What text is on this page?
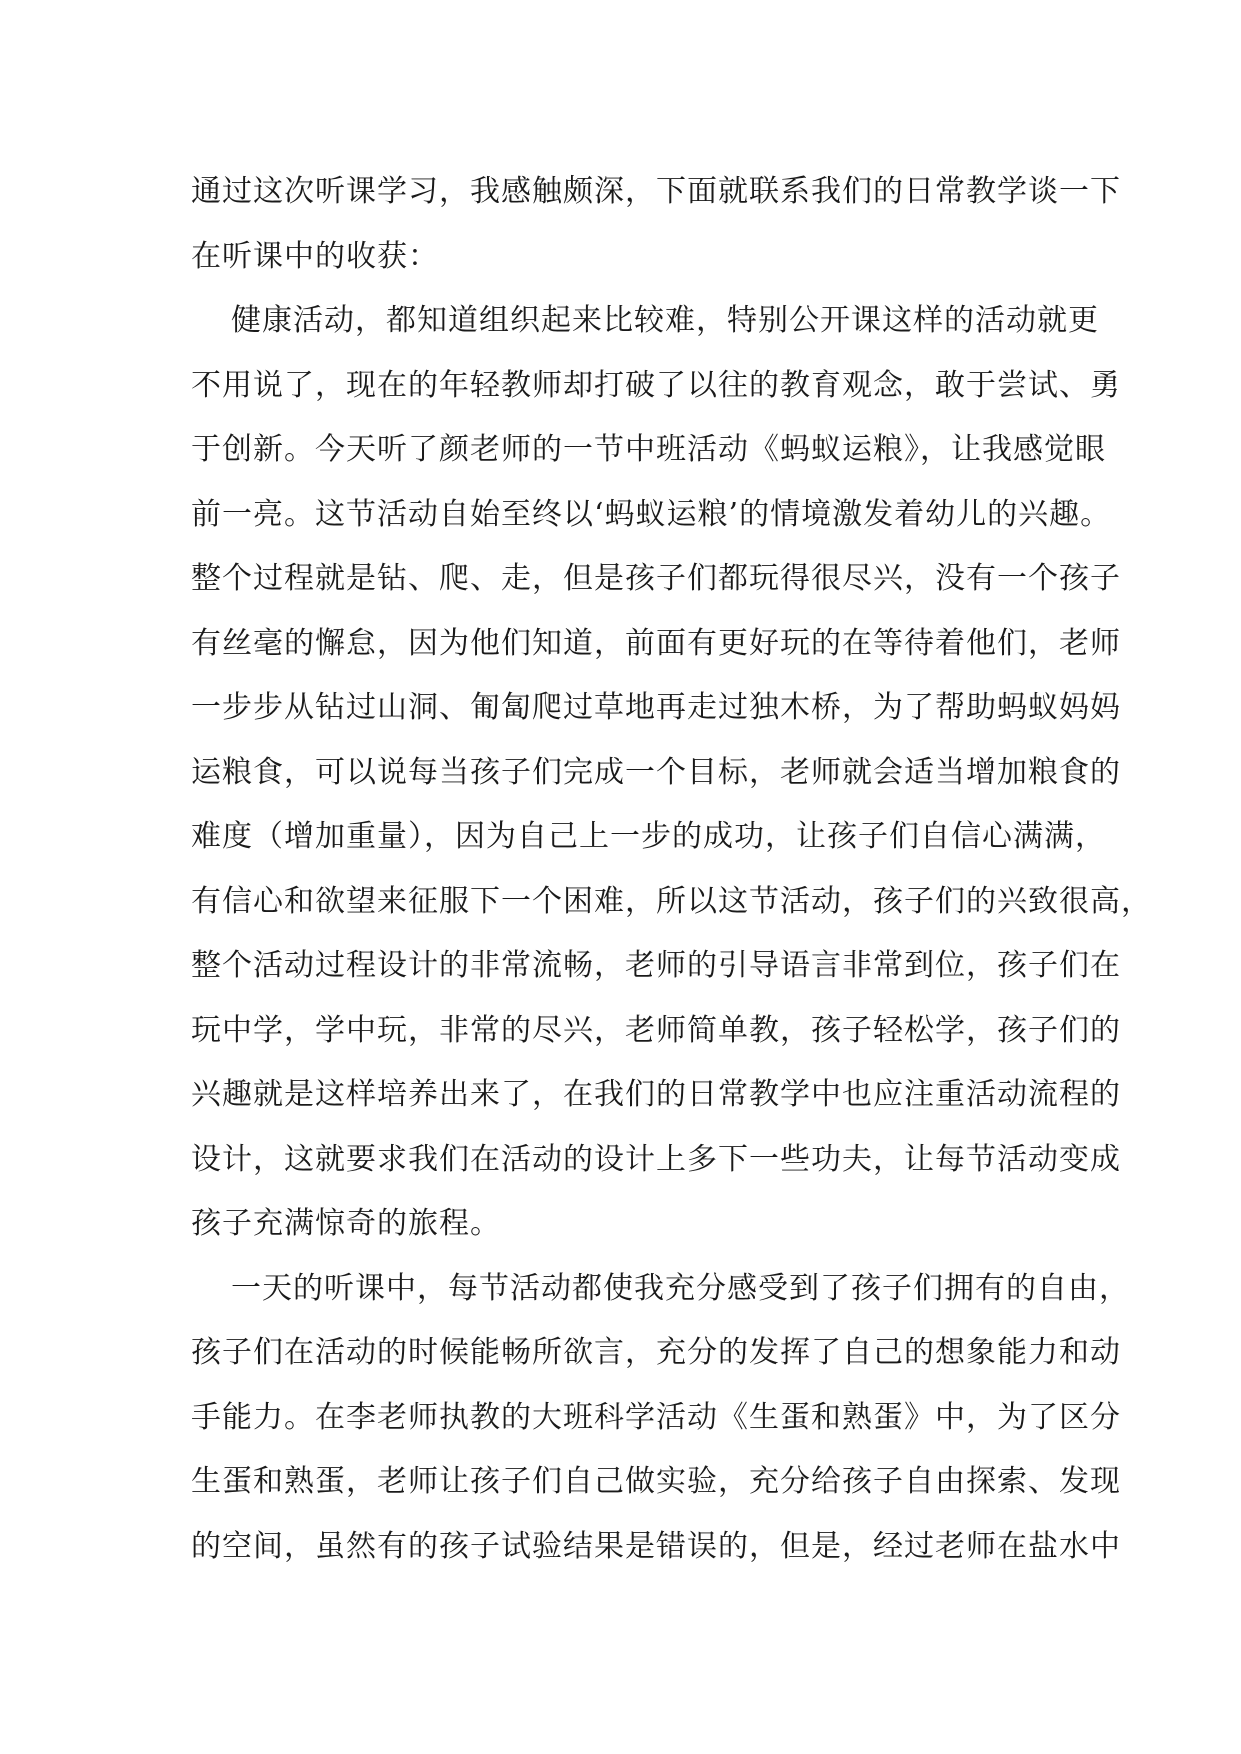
通过这次听课学习，我感触颇深，下面就联系我们的日常教学谈一下
在听课中的收获：
健康活动，都知道组织起来比较难，特别公开课这样的活动就更
不用说了，现在的年轻教师却打破了以往的教育观念，敢于尝试、勇
于创新。今天听了颜老师的一节中班活动《蚂蚁运粮》，让我感觉眼
前一亮。这节活动自始至终以‘蚂蚁运粮’的情境激发着幼儿的兴趣。
整个过程就是钻、爬、走，但是孩子们都玩得很尽兴，没有一个孩子
有丝毫的懈怠，因为他们知道，前面有更好玩的在等待着他们，老师
一步步从钻过山洞、匍匐爬过草地再走过独木桥，为了帮助蚂蚁妈妈
运粮食，可以说每当孩子们完成一个目标，老师就会适当增加粮食的
难度（增加重量），因为自己上一步的成功，让孩子们自信心满满，
有信心和欲望来征服下一个困难，所以这节活动，孩子们的兴致很高，
整个活动过程设计的非常流畅，老师的引导语言非常到位，孩子们在
玩中学，学中玩，非常的尽兴，老师简单教，孩子轻松学，孩子们的
兴趣就是这样培养出来了，在我们的日常教学中也应注重活动流程的
设计，这就要求我们在活动的设计上多下一些功夫，让每节活动变成
孩子充满惊奇的旅程。
一天的听课中，每节活动都使我充分感受到了孩子们拥有的自由，
孩子们在活动的时候能畅所欲言，充分的发挥了自己的想象能力和动
手能力。在李老师执教的大班科学活动《生蛋和熟蛋》中，为了区分
生蛋和熟蛋，老师让孩子们自己做实验，充分给孩子自由探索、发现
的空间，虽然有的孩子试验结果是错误的，但是，经过老师在盐水中
